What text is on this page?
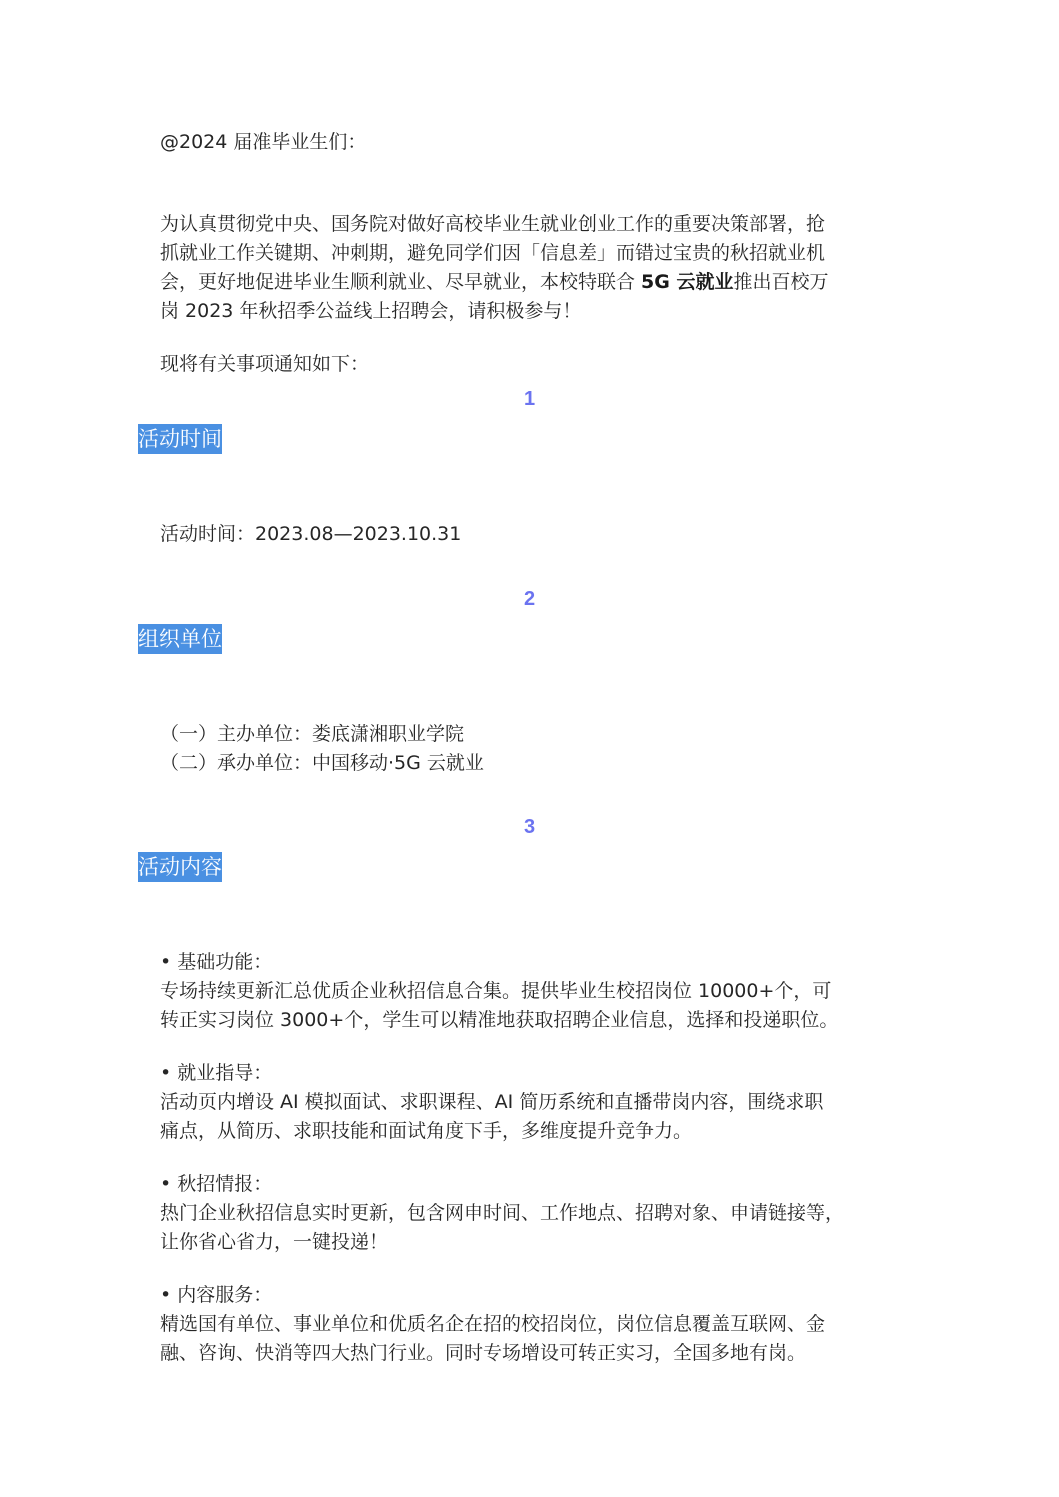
@2024 届准毕业生们：
为认真贯彻党中央、国务院对做好高校毕业生就业创业工作的重要决策部署，抢
抓就业工作关键期、冲刺期，避免同学们因「信息差」而错过宝贵的秋招就业机
会，更好地促进毕业生顺利就业、尽早就业，本校特联合 5G 云就业推出百校万
岗 2023 年秋招季公益线上招聘会，请积极参与！
现将有关事项通知如下：
1
活动时间
活动时间：2023.08—2023.10.31
2
组织单位
（一）主办单位：娄底潇湘职业学院
（二）承办单位：中国移动·5G 云就业
3
活动内容
• 基础功能：
专场持续更新汇总优质企业秋招信息合集。提供毕业生校招岗位 10000+个，可
转正实习岗位 3000+个，学生可以精准地获取招聘企业信息，选择和投递职位。
• 就业指导：
活动页内增设 AI 模拟面试、求职课程、AI 简历系统和直播带岗内容，围绕求职
痛点，从简历、求职技能和面试角度下手，多维度提升竞争力。
• 秋招情报：
热门企业秋招信息实时更新，包含网申时间、工作地点、招聘对象、申请链接等，
让你省心省力，一键投递！
• 内容服务：
精选国有单位、事业单位和优质名企在招的校招岗位，岗位信息覆盖互联网、金
融、咨询、快消等四大热门行业。同时专场增设可转正实习，全国多地有岗。
